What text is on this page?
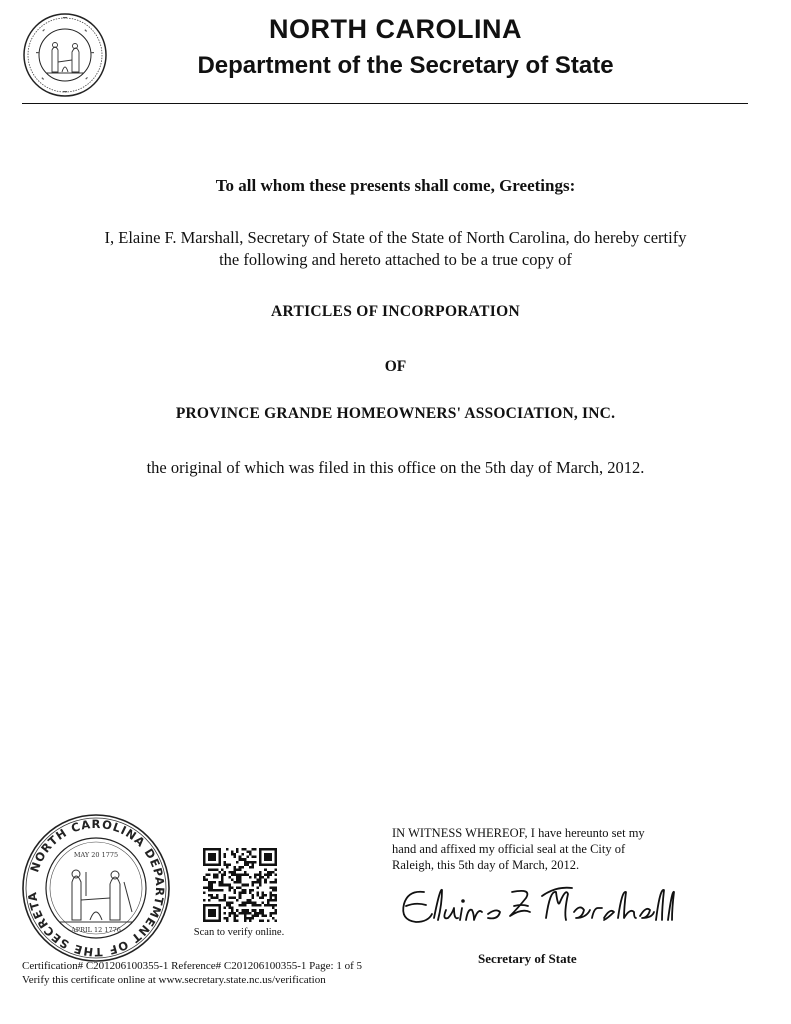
NORTH CAROLINA
Department of the Secretary of State
To all whom these presents shall come, Greetings:
I, Elaine F. Marshall, Secretary of State of the State of North Carolina, do hereby certify
the following and hereto attached to be a true copy of
ARTICLES OF INCORPORATION
OF
PROVINCE GRANDE HOMEOWNERS' ASSOCIATION, INC.
the original of which was filed in this office on the 5th day of March, 2012.
NORTH CAROLINA DEPARTMENT OF THE SECRETA
MAY 20 1775
APRIL 12 1776	Scan to verify online.
IN WITNESS WHEREOF, I have hereunto set my
hand and affixed my official seal at the City of
Raleigh, this 5th day of March, 2012.
Secretary of State
Certification# C201206100355-1 Reference# C201206100355-1 Page: 1 of 5
Verify this certificate online at www.secretary.state.nc.us/verification
